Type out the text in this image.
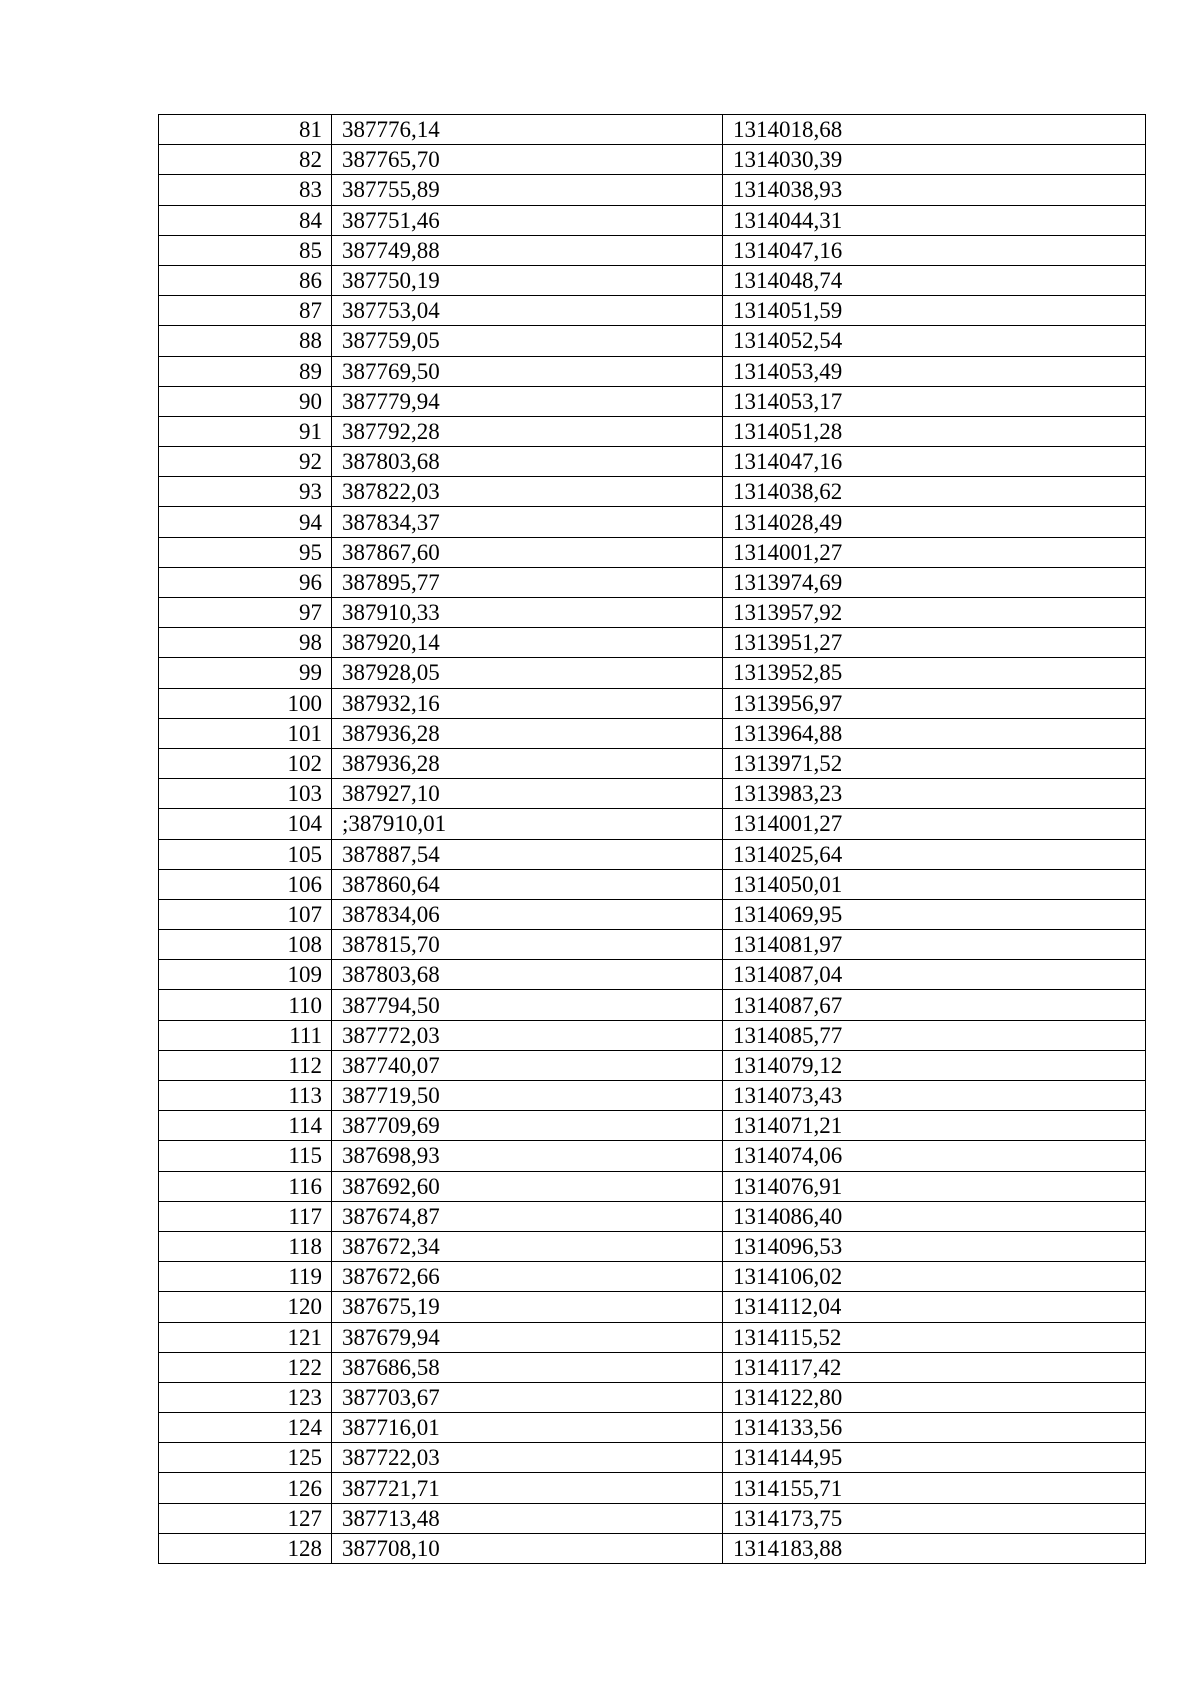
81	387776,14	1314018,68
82	387765,70	1314030,39
83	387755,89	1314038,93
84	387751,46	1314044,31
85	387749,88	1314047,16
86	387750,19	1314048,74
87	387753,04	1314051,59
88	387759,05	1314052,54
89	387769,50	1314053,49
90	387779,94	1314053,17
91	387792,28	1314051,28
92	387803,68	1314047,16
93	387822,03	1314038,62
94	387834,37	1314028,49
95	387867,60	1314001,27
96	387895,77	1313974,69
97	387910,33	1313957,92
98	387920,14	1313951,27
99	387928,05	1313952,85
100	387932,16	1313956,97
101	387936,28	1313964,88
102	387936,28	1313971,52
103	387927,10	1313983,23
104	;387910,01	1314001,27
105	387887,54	1314025,64
106	387860,64	1314050,01
107	387834,06	1314069,95
108	387815,70	1314081,97
109	387803,68	1314087,04
110	387794,50	1314087,67
111	387772,03	1314085,77
112	387740,07	1314079,12
113	387719,50	1314073,43
114	387709,69	1314071,21
115	387698,93	1314074,06
116	387692,60	1314076,91
117	387674,87	1314086,40
118	387672,34	1314096,53
119	387672,66	1314106,02
120	387675,19	1314112,04
121	387679,94	1314115,52
122	387686,58	1314117,42
123	387703,67	1314122,80
124	387716,01	1314133,56
125	387722,03	1314144,95
126	387721,71	1314155,71
127	387713,48	1314173,75
128	387708,10	1314183,88
